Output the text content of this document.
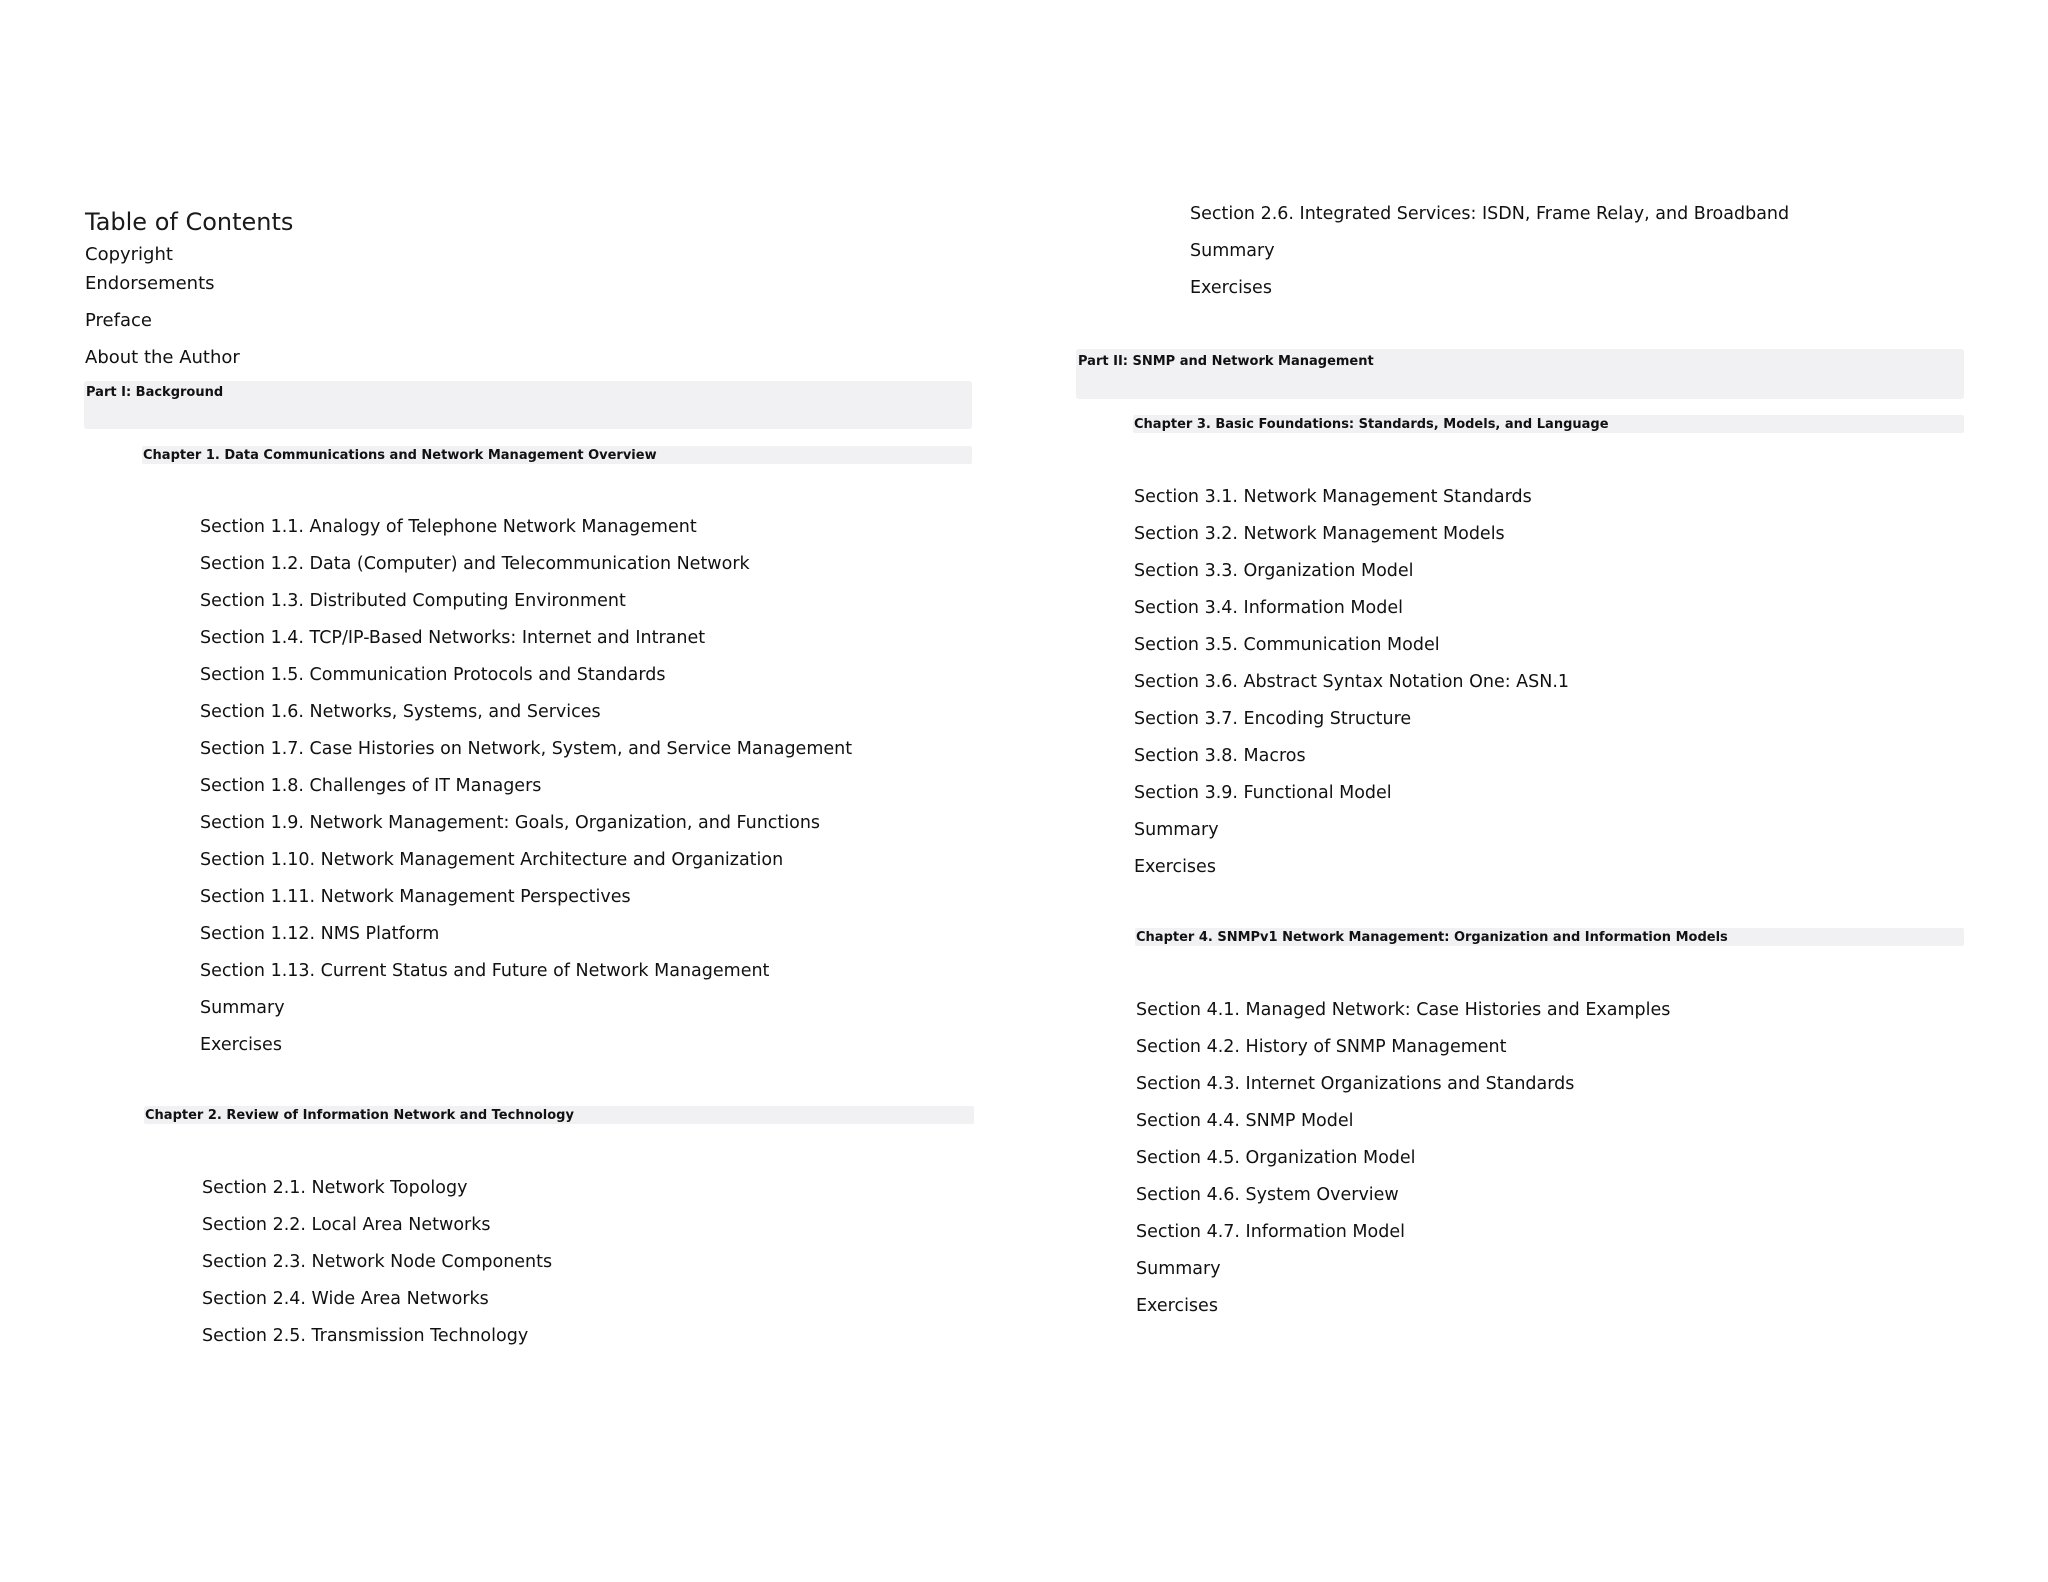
Table of Contents
Copyright
Endorsements
Preface
About the Author
Part I: Background
Chapter 1. Data Communications and Network Management Overview
Section 1.1. Analogy of Telephone Network Management
Section 1.2. Data (Computer) and Telecommunication Network
Section 1.3. Distributed Computing Environment
Section 1.4. TCP/IP-Based Networks: Internet and Intranet
Section 1.5. Communication Protocols and Standards
Section 1.6. Networks, Systems, and Services
Section 1.7. Case Histories on Network, System, and Service Management
Section 1.8. Challenges of IT Managers
Section 1.9. Network Management: Goals, Organization, and Functions
Section 1.10. Network Management Architecture and Organization
Section 1.11. Network Management Perspectives
Section 1.12. NMS Platform
Section 1.13. Current Status and Future of Network Management
Summary
Exercises
Chapter 2. Review of Information Network and Technology
Section 2.1. Network Topology
Section 2.2. Local Area Networks
Section 2.3. Network Node Components
Section 2.4. Wide Area Networks
Section 2.5. Transmission Technology
Section 2.6. Integrated Services: ISDN, Frame Relay, and Broadband
Summary
Exercises
Part II: SNMP and Network Management
Chapter 3. Basic Foundations: Standards, Models, and Language
Section 3.1. Network Management Standards
Section 3.2. Network Management Models
Section 3.3. Organization Model
Section 3.4. Information Model
Section 3.5. Communication Model
Section 3.6. Abstract Syntax Notation One: ASN.1
Section 3.7. Encoding Structure
Section 3.8. Macros
Section 3.9. Functional Model
Summary
Exercises
Chapter 4. SNMPv1 Network Management: Organization and Information Models
Section 4.1. Managed Network: Case Histories and Examples
Section 4.2. History of SNMP Management
Section 4.3. Internet Organizations and Standards
Section 4.4. SNMP Model
Section 4.5. Organization Model
Section 4.6. System Overview
Section 4.7. Information Model
Summary
Exercises
